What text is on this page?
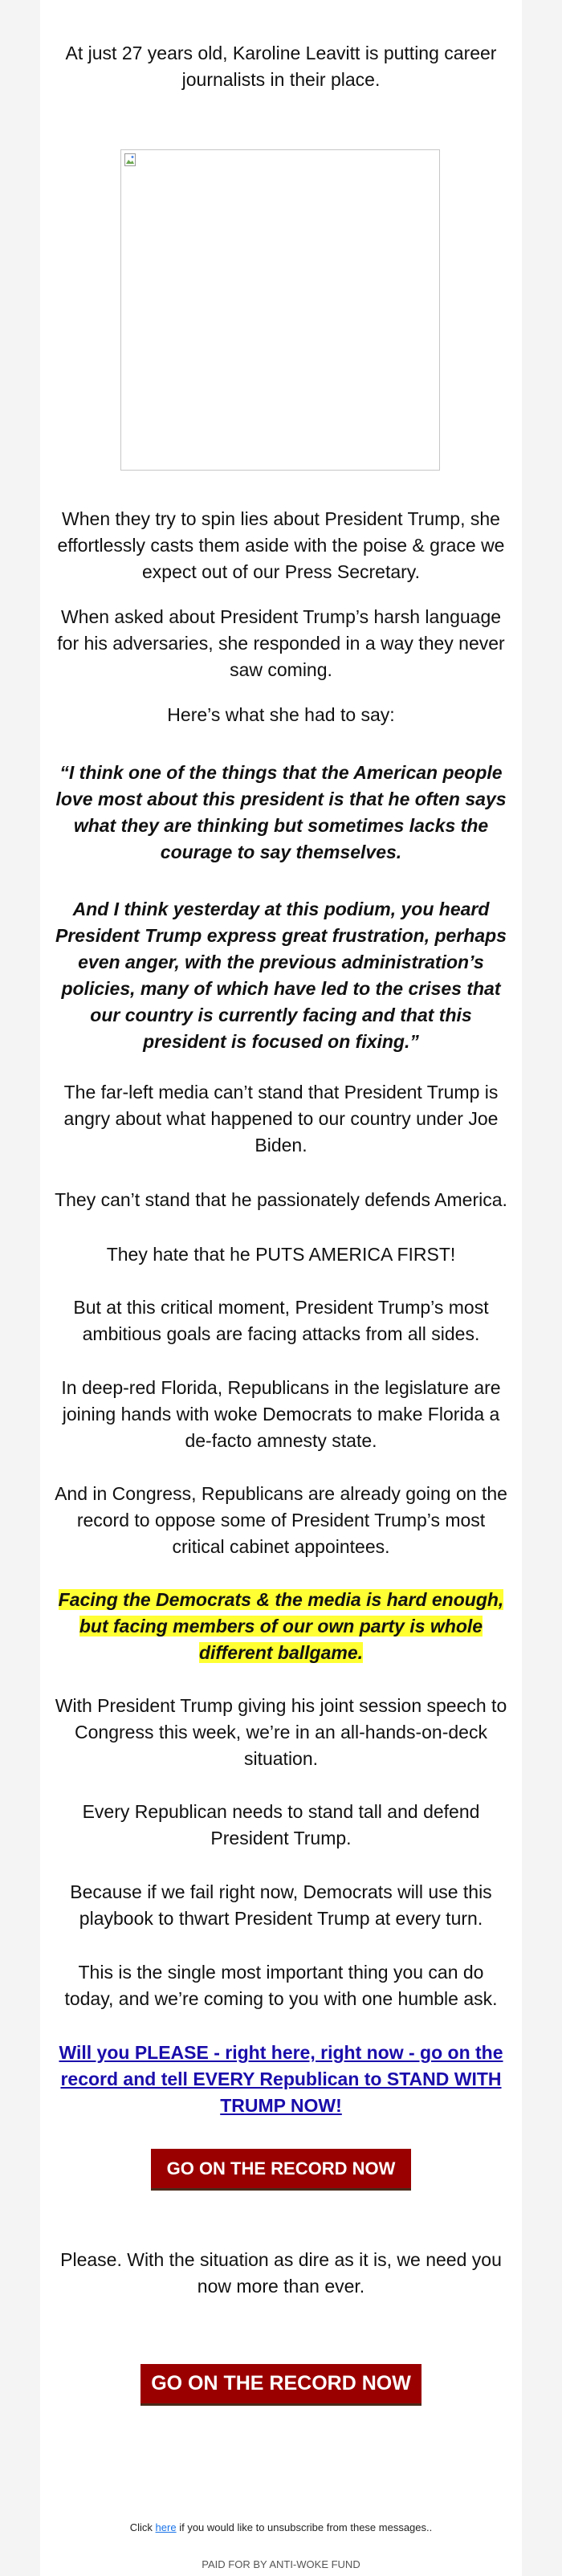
At just 27 years old, Karoline Leavitt is putting career journalists in their place.

When they try to spin lies about President Trump, she effortlessly casts them aside with the poise & grace we expect out of our Press Secretary.

When asked about President Trump’s harsh language for his adversaries, she responded in a way they never saw coming.

Here’s what she had to say:

“I think one of the things that the American people love most about this president is that he often says what they are thinking but sometimes lacks the courage to say themselves.

And I think yesterday at this podium, you heard President Trump express great frustration, perhaps even anger, with the previous administration’s policies, many of which have led to the crises that our country is currently facing and that this president is focused on fixing.”

The far-left media can’t stand that President Trump is angry about what happened to our country under Joe Biden.

They can’t stand that he passionately defends America.

They hate that he PUTS AMERICA FIRST!

But at this critical moment, President Trump’s most ambitious goals are facing attacks from all sides.

In deep-red Florida, Republicans in the legislature are joining hands with woke Democrats to make Florida a de-facto amnesty state.

And in Congress, Republicans are already going on the record to oppose some of President Trump’s most critical cabinet appointees.

Facing the Democrats & the media is hard enough, but facing members of our own party is whole different ballgame.

With President Trump giving his joint session speech to Congress this week, we’re in an all-hands-on-deck situation.

Every Republican needs to stand tall and defend President Trump.

Because if we fail right now, Democrats will use this playbook to thwart President Trump at every turn.

This is the single most important thing you can do today, and we’re coming to you with one humble ask.

Will you PLEASE - right here, right now - go on the record and tell EVERY Republican to STAND WITH TRUMP NOW!

GO ON THE RECORD NOW

Please. With the situation as dire as it is, we need you now more than ever.

GO ON THE RECORD NOW
Click here if you would like to unsubscribe from these messages..
PAID FOR BY ANTI-WOKE FUND
